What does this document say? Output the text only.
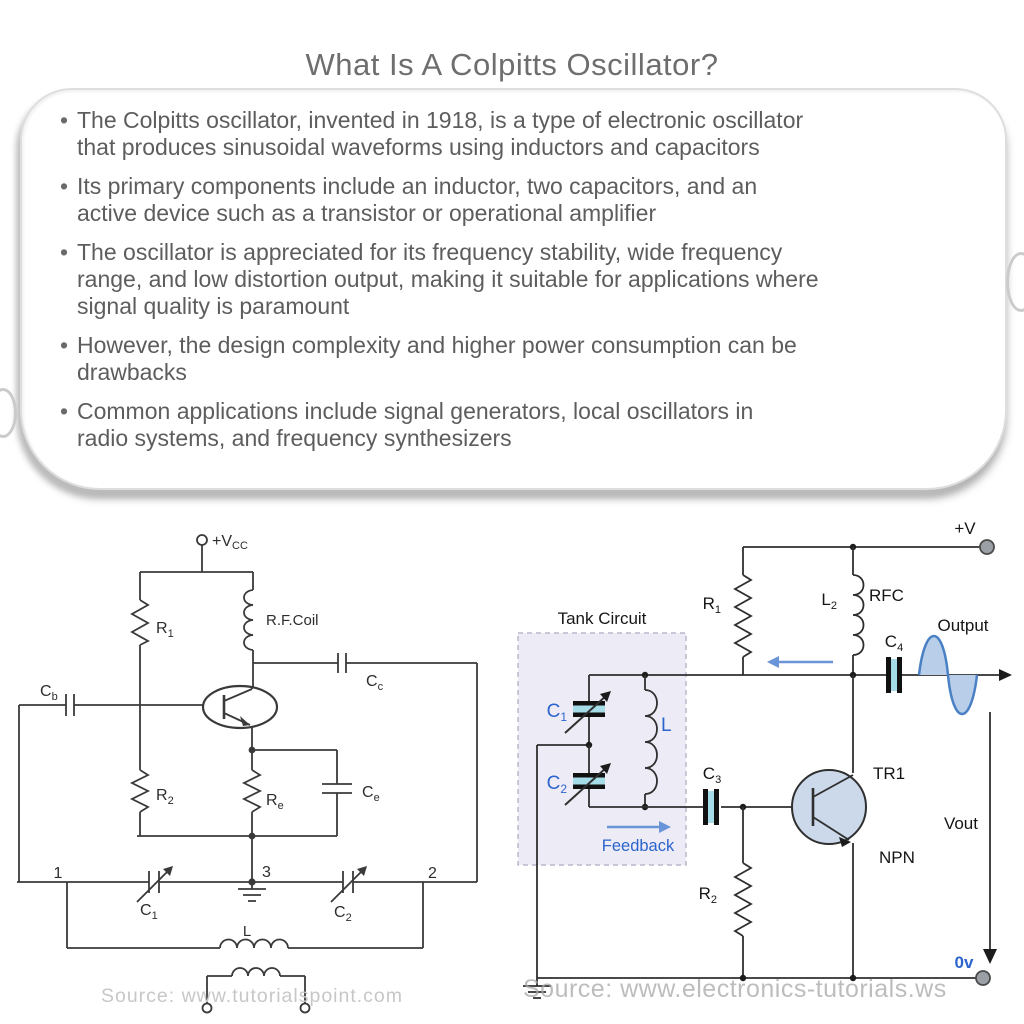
What Is A Colpitts Oscillator?
• The Colpitts oscillator, invented in 1918, is a type of electronic oscillator
that produces sinusoidal waveforms using inductors and capacitors
• Its primary components include an inductor, two capacitors, and an
active device such as a transistor or operational amplifier
• The oscillator is appreciated for its frequency stability, wide frequency
range, and low distortion output, making it suitable for applications where
signal quality is paramount
• However, the design complexity and higher power consumption can be
drawbacks
• Common applications include signal generators, local oscillators in
radio systems, and frequency synthesizers
+VCC
$R_1$
R.F.Coil
$C_c$
$C_b$
$R_2$	$R_e$
$C_e$
1	3	2
$C_1$	$C_2$
L
Source: www.tutorialspoint.com
+V
$R_1$
$L_2$
RFC
$C_4$
Output
Tank Circuit
$C_1$
$C_2$
L
Feedback
$C_3$	TR1
NPN
$R_2$
Vout
0v
Source: www.electronics-tutorials.ws
